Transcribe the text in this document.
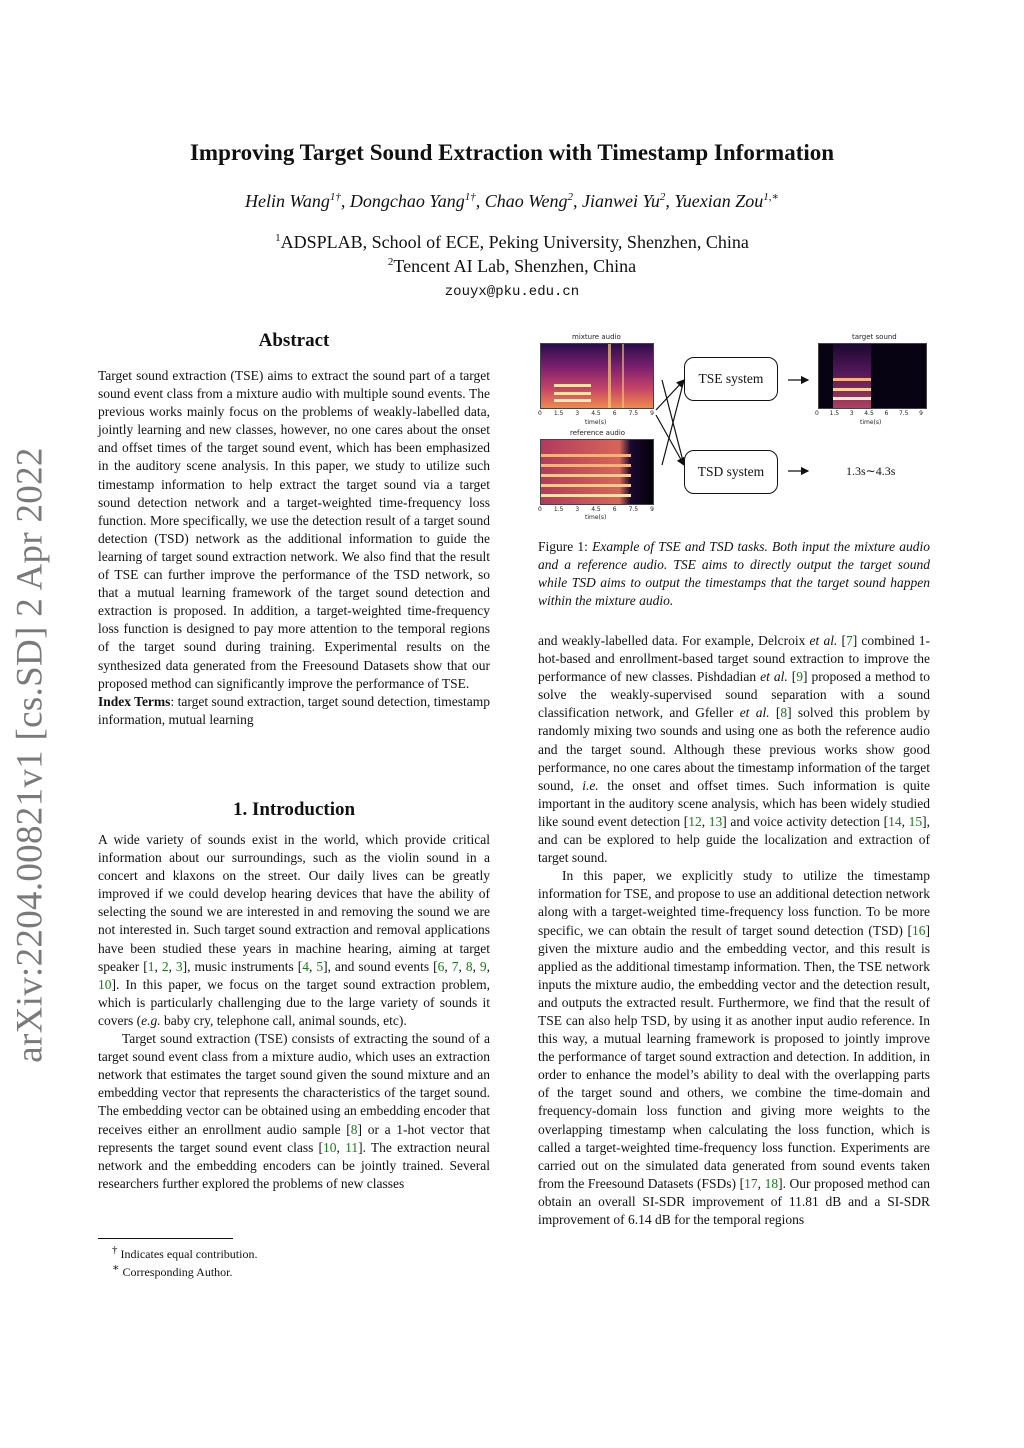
arXiv:2204.00821v1 [cs.SD] 2 Apr 2022
Improving Target Sound Extraction with Timestamp Information
Helin Wang$^{1\dagger}$, Dongchao Yang$^{1\dagger}$, Chao Weng$^2$, Jianwei Yu$^2$, Yuexian Zou$^{1,∗}$
$^1$ADSPLAB, School of ECE, Peking University, Shenzhen, China
$^2$Tencent AI Lab, Shenzhen, China
zouyx@pku.edu.cn
Abstract

Target sound extraction (TSE) aims to extract the sound part of a target sound event class from a mixture audio with multiple sound events. The previous works mainly focus on the problems of weakly-labelled data, jointly learning and new classes, however, no one cares about the onset and offset times of the target sound event, which has been emphasized in the auditory scene analysis. In this paper, we study to utilize such timestamp information to help extract the target sound via a target sound detection network and a target-weighted time-frequency loss function. More specifically, we use the detection result of a target sound detection (TSD) network as the additional information to guide the learning of target sound extraction network. We also find that the result of TSE can further improve the performance of the TSD network, so that a mutual learning framework of the target sound detection and extraction is proposed. In addition, a target-weighted time-frequency loss function is designed to pay more attention to the temporal regions of the target sound during training. Experimental results on the synthesized data generated from the Freesound Datasets show that our proposed method can significantly improve the performance of TSE.

Index Terms: target sound extraction, target sound detection, timestamp information, mutual learning

1. Introduction

A wide variety of sounds exist in the world, which provide critical information about our surroundings, such as the violin sound in a concert and klaxons on the street. Our daily lives can be greatly improved if we could develop hearing devices that have the ability of selecting the sound we are interested in and removing the sound we are not interested in. Such target sound extraction and removal applications have been studied these years in machine hearing, aiming at target speaker [1, 2, 3], music instruments [4, 5], and sound events [6, 7, 8, 9, 10]. In this paper, we focus on the target sound extraction problem, which is particularly challenging due to the large variety of sounds it covers (e.g. baby cry, telephone call, animal sounds, etc).

Target sound extraction (TSE) consists of extracting the sound of a target sound event class from a mixture audio, which uses an extraction network that estimates the target sound given the sound mixture and an embedding vector that represents the characteristics of the target sound. The embedding vector can be obtained using an embedding encoder that receives either an enrollment audio sample [8] or a 1-hot vector that represents the target sound event class [10, 11]. The extraction neural network and the embedding encoders can be jointly trained. Several researchers further explored the problems of new classes

† Indicates equal contribution.
∗ Corresponding Author.
mixture audio
0 1.5 3 4.5 6 7.5 9
time(s)
reference audio
0 1.5 3 4.5 6 7.5 9
time(s)
TSE system
TSD system
target sound
0 1.5 3 4.5 6 7.5 9
time(s)
1.3s∼4.3s
Figure 1: Example of TSE and TSD tasks. Both input the mixture audio and a reference audio. TSE aims to directly output the target sound while TSD aims to output the timestamps that the target sound happen within the mixture audio.

and weakly-labelled data. For example, Delcroix et al. [7] combined 1-hot-based and enrollment-based target sound extraction to improve the performance of new classes. Pishdadian et al. [9] proposed a method to solve the weakly-supervised sound separation with a sound classification network, and Gfeller et al. [8] solved this problem by randomly mixing two sounds and using one as both the reference audio and the target sound. Although these previous works show good performance, no one cares about the timestamp information of the target sound, i.e. the onset and offset times. Such information is quite important in the auditory scene analysis, which has been widely studied like sound event detection [12, 13] and voice activity detection [14, 15], and can be explored to help guide the localization and extraction of target sound.

In this paper, we explicitly study to utilize the timestamp information for TSE, and propose to use an additional detection network along with a target-weighted time-frequency loss function. To be more specific, we can obtain the result of target sound detection (TSD) [16] given the mixture audio and the embedding vector, and this result is applied as the additional timestamp information. Then, the TSE network inputs the mixture audio, the embedding vector and the detection result, and outputs the extracted result. Furthermore, we find that the result of TSE can also help TSD, by using it as another input audio reference. In this way, a mutual learning framework is proposed to jointly improve the performance of target sound extraction and detection. In addition, in order to enhance the model’s ability to deal with the overlapping parts of the target sound and others, we combine the time-domain and frequency-domain loss function and giving more weights to the overlapping timestamp when calculating the loss function, which is called a target-weighted time-frequency loss function. Experiments are carried out on the simulated data generated from sound events taken from the Freesound Datasets (FSDs) [17, 18]. Our proposed method can obtain an overall SI-SDR improvement of 11.81 dB and a SI-SDR improvement of 6.14 dB for the temporal regions
